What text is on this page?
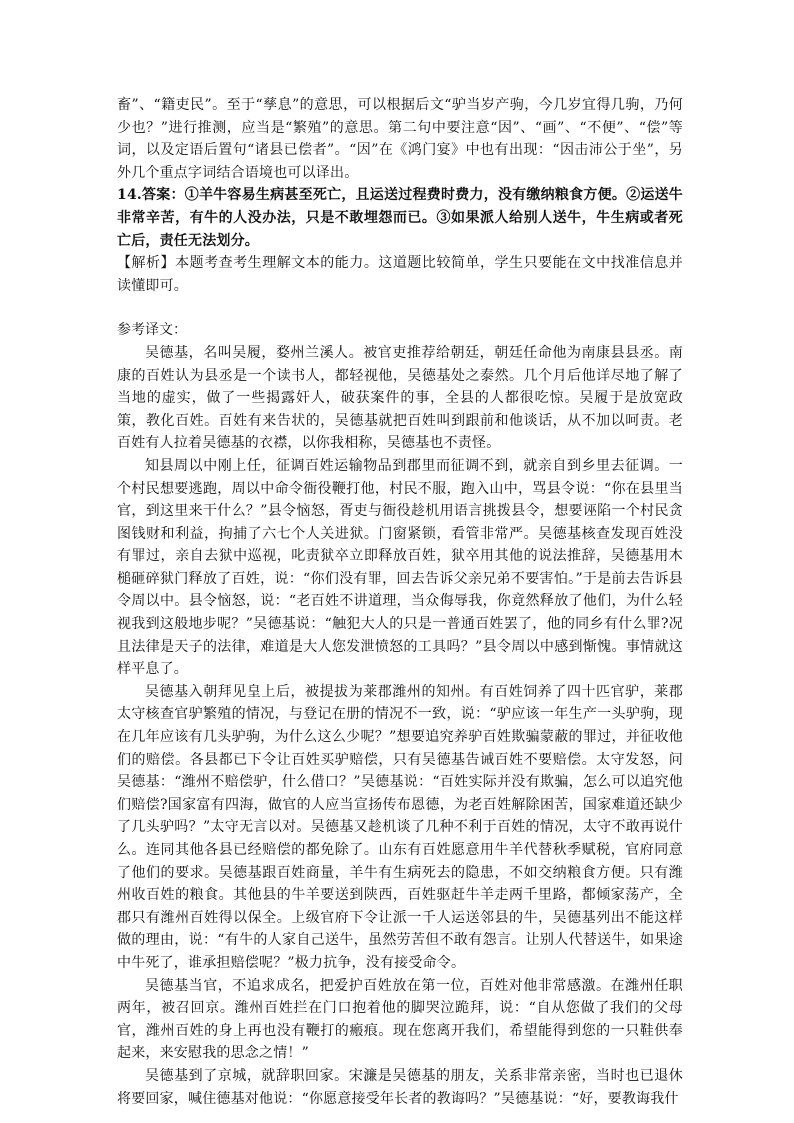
畜”、“籍吏民”。至于“孳息”的意思，可以根据后文“驴当岁产驹，今几岁宜得几驹，乃何少也？”进行推测，应当是“繁殖”的意思。第二句中要注意“因”、“画”、“不便”、“偿”等词，以及定语后置句“诸县已偿者”。“因”在《鸿门宴》中也有出现：“因击沛公于坐”，另外几个重点字词结合语境也可以译出。

14.答案：①羊牛容易生病甚至死亡，且运送过程费时费力，没有缴纳粮食方便。②运送牛非常辛苦，有牛的人没办法，只是不敢埋怨而已。③如果派人给别人送牛，牛生病或者死亡后，责任无法划分。

【解析】本题考查考生理解文本的能力。这道题比较简单，学生只要能在文中找准信息并读懂即可。

参考译文：

吴德基，名叫吴履，婺州兰溪人。被官吏推荐给朝廷，朝廷任命他为南康县县丞。南康的百姓认为县丞是一个读书人，都轻视他，吴德基处之泰然。几个月后他详尽地了解了当地的虚实，做了一些揭露奸人，破获案件的事，全县的人都很吃惊。吴履于是放宽政策，教化百姓。百姓有来告状的，吴德基就把百姓叫到跟前和他谈话，从不加以呵责。老百姓有人拉着吴德基的衣襟，以你我相称，吴德基也不责怪。

知县周以中刚上任，征调百姓运输物品到郡里而征调不到，就亲自到乡里去征调。一个村民想要逃跑，周以中命令衙役鞭打他，村民不服，跑入山中，骂县令说：“你在县里当官，到这里来干什么？”县令恼怒，胥吏与衙役趁机用语言挑拨县令，想要诬陷一个村民贪图钱财和利益，拘捕了六七个人关进狱。门窗紧锁，看管非常严。吴德基核查发现百姓没有罪过，亲自去狱中巡视，叱责狱卒立即释放百姓，狱卒用其他的说法推辞，吴德基用木槌砸碎狱门释放了百姓，说：“你们没有罪，回去告诉父亲兄弟不要害怕。”于是前去告诉县令周以中。县令恼怒，说：“老百姓不讲道理，当众侮辱我，你竟然释放了他们，为什么轻视我到这般地步呢？”吴德基说：“触犯大人的只是一普通百姓罢了，他的同乡有什么罪?况且法律是天子的法律，难道是大人您发泄愤怒的工具吗？”县令周以中感到惭愧。事情就这样平息了。

吴德基入朝拜见皇上后，被提拔为莱郡潍州的知州。有百姓饲养了四十匹官驴，莱郡太守核查官驴繁殖的情况，与登记在册的情况不一致，说：“驴应该一年生产一头驴驹，现在几年应该有几头驴驹，为什么这么少呢？”想要追究养驴百姓欺骗蒙蔽的罪过，并征收他们的赔偿。各县都已下令让百姓买驴赔偿，只有吴德基告诫百姓不要赔偿。太守发怒，问吴德基：“潍州不赔偿驴，什么借口？”吴德基说：“百姓实际并没有欺骗，怎么可以追究他们赔偿?国家富有四海，做官的人应当宣扬传布恩德，为老百姓解除困苦，国家难道还缺少了几头驴吗？”太守无言以对。吴德基又趁机谈了几种不利于百姓的情况，太守不敢再说什么。连同其他各县已经赔偿的都免除了。山东有百姓愿意用牛羊代替秋季赋税，官府同意了他们的要求。吴德基跟百姓商量，羊牛有生病死去的隐患，不如交纳粮食方便。只有潍州收百姓的粮食。其他县的牛羊要送到陕西，百姓驱赶牛羊走两千里路，都倾家荡产，全郡只有潍州百姓得以保全。上级官府下令让派一千人运送邻县的牛，吴德基列出不能这样做的理由，说：“有牛的人家自己送牛，虽然劳苦但不敢有怨言。让别人代替送牛，如果途中牛死了，谁承担赔偿呢？”极力抗争，没有接受命令。

吴德基当官，不追求成名，把爱护百姓放在第一位，百姓对他非常感激。在潍州任职两年，被召回京。潍州百姓拦在门口抱着他的脚哭泣跪拜，说：“自从您做了我们的父母官，潍州百姓的身上再也没有鞭打的瘢痕。现在您离开我们，希望能得到您的一只鞋供奉起来，来安慰我的思念之情！”

吴德基到了京城，就辞职回家。宋濂是吴德基的朋友，关系非常亲密，当时也已退休将要回家，喊住德基对他说：“你愿意接受年长者的教诲吗？”吴德基说：“好，要教诲我什
